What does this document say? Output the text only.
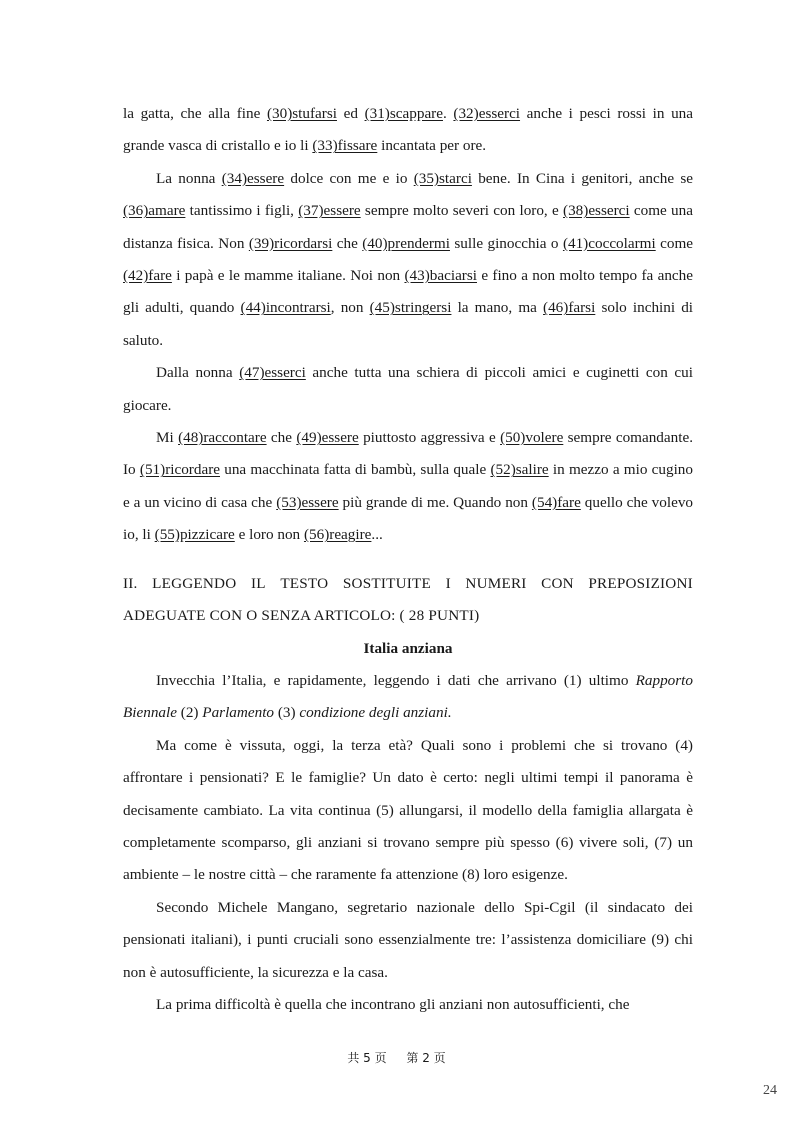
la gatta, che alla fine (30)stufarsi ed (31)scappare. (32)esserci anche i pesci rossi in una grande vasca di cristallo e io li (33)fissare incantata per ore.

La nonna (34)essere dolce con me e io (35)starci bene. In Cina i genitori, anche se (36)amare tantissimo i figli, (37)essere sempre molto severi con loro, e (38)esserci come una distanza fisica. Non (39)ricordarsi che (40)prendermi sulle ginocchia o (41)coccolarmi come (42)fare i papà e le mamme italiane. Noi non (43)baciarsi e fino a non molto tempo fa anche gli adulti, quando (44)incontrarsi, non (45)stringersi la mano, ma (46)farsi solo inchini di saluto.

Dalla nonna (47)esserci anche tutta una schiera di piccoli amici e cuginetti con cui giocare.

Mi (48)raccontare che (49)essere piuttosto aggressiva e (50)volere sempre comandante. Io (51)ricordare una macchinata fatta di bambù, sulla quale (52)salire in mezzo a mio cugino e a un vicino di casa che (53)essere più grande di me. Quando non (54)fare quello che volevo io, li (55)pizzicare e loro non (56)reagire...

II. LEGGENDO IL TESTO SOSTITUITE I NUMERI CON PREPOSIZIONI
ADEGUATE CON O SENZA ARTICOLO: ( 28 PUNTI)

Italia anziana

Invecchia l’Italia, e rapidamente, leggendo i dati che arrivano (1) ultimo Rapporto Biennale (2) Parlamento (3) condizione degli anziani.

Ma come è vissuta, oggi, la terza età? Quali sono i problemi che si trovano (4) affrontare i pensionati? E le famiglie? Un dato è certo: negli ultimi tempi il panorama è decisamente cambiato. La vita continua (5) allungarsi, il modello della famiglia allargata è completamente scomparso, gli anziani si trovano sempre più spesso (6) vivere soli, (7) un ambiente – le nostre città – che raramente fa attenzione (8) loro esigenze.

Secondo Michele Mangano, segretario nazionale dello Spi-Cgil (il sindacato dei pensionati italiani), i punti cruciali sono essenzialmente tre: l’assistenza domiciliare (9) chi non è autosufficiente, la sicurezza e la casa.

La prima difficoltà è quella che incontrano gli anziani non autosufficienti, che

共 5 页 第 2 页
24
